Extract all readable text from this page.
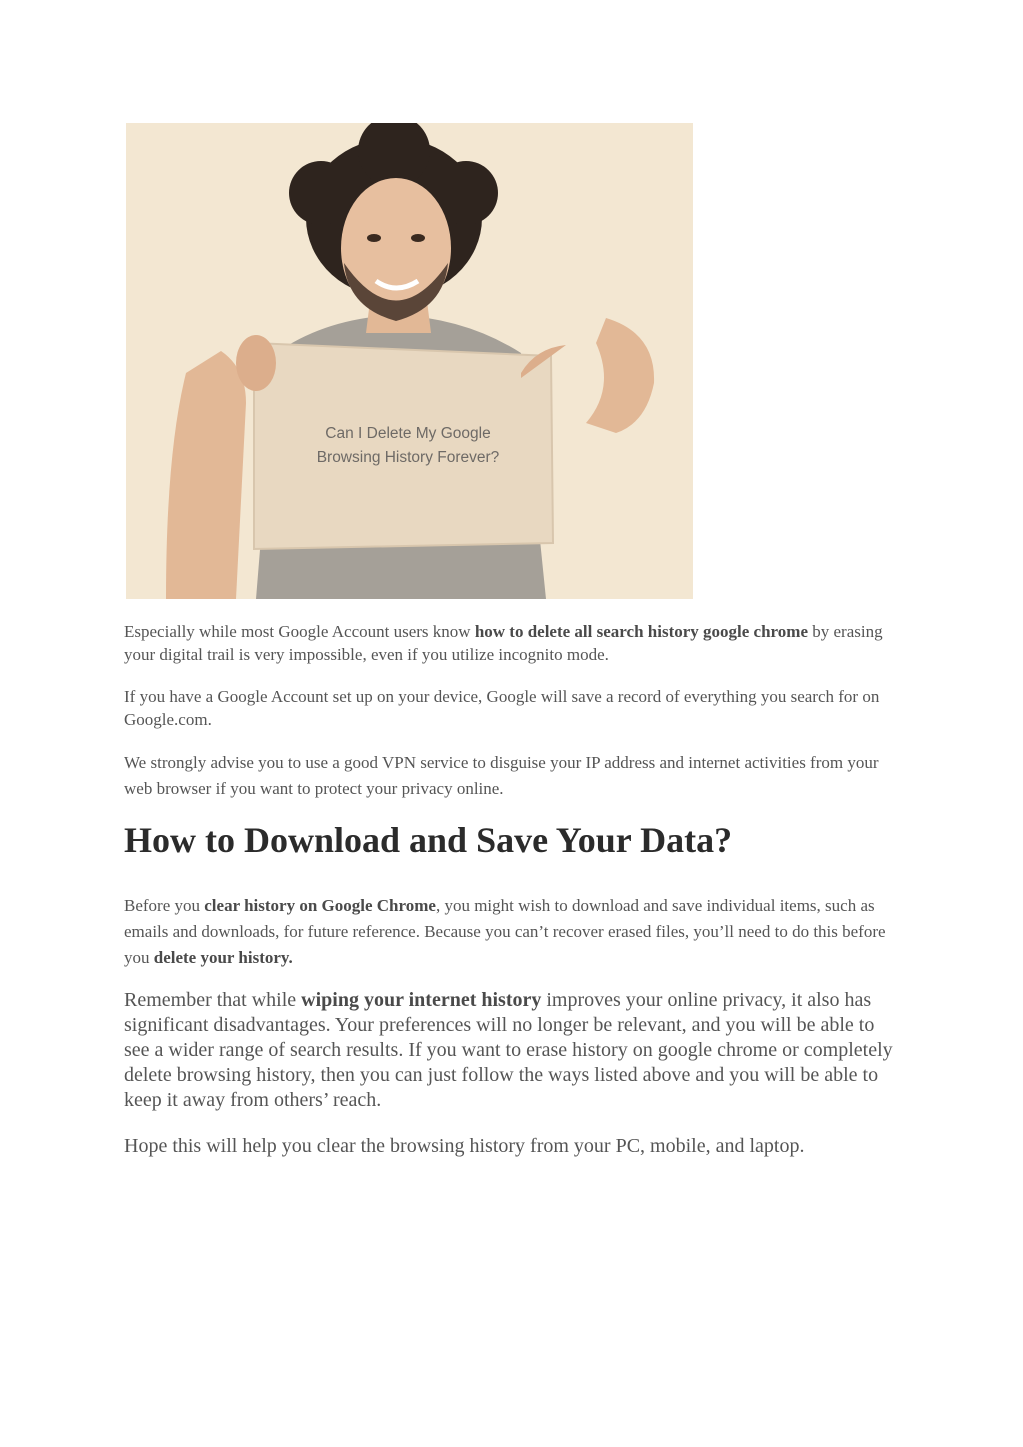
Can I Delete My Google
Browsing History Forever?

Especially while most Google Account users know how to delete all search history google chrome by erasing your digital trail is very impossible, even if you utilize incognito mode.

If you have a Google Account set up on your device, Google will save a record of everything you search for on Google.com.

We strongly advise you to use a good VPN service to disguise your IP address and internet activities from your web browser if you want to protect your privacy online.

How to Download and Save Your Data?

Before you clear history on Google Chrome, you might wish to download and save individual items, such as emails and downloads, for future reference. Because you can’t recover erased files, you’ll need to do this before you delete your history.

Remember that while wiping your internet history improves your online privacy, it also has significant disadvantages. Your preferences will no longer be relevant, and you will be able to see a wider range of search results. If you want to erase history on google chrome or completely delete browsing history, then you can just follow the ways listed above and you will be able to keep it away from others’ reach.

Hope this will help you clear the browsing history from your PC, mobile, and laptop.
